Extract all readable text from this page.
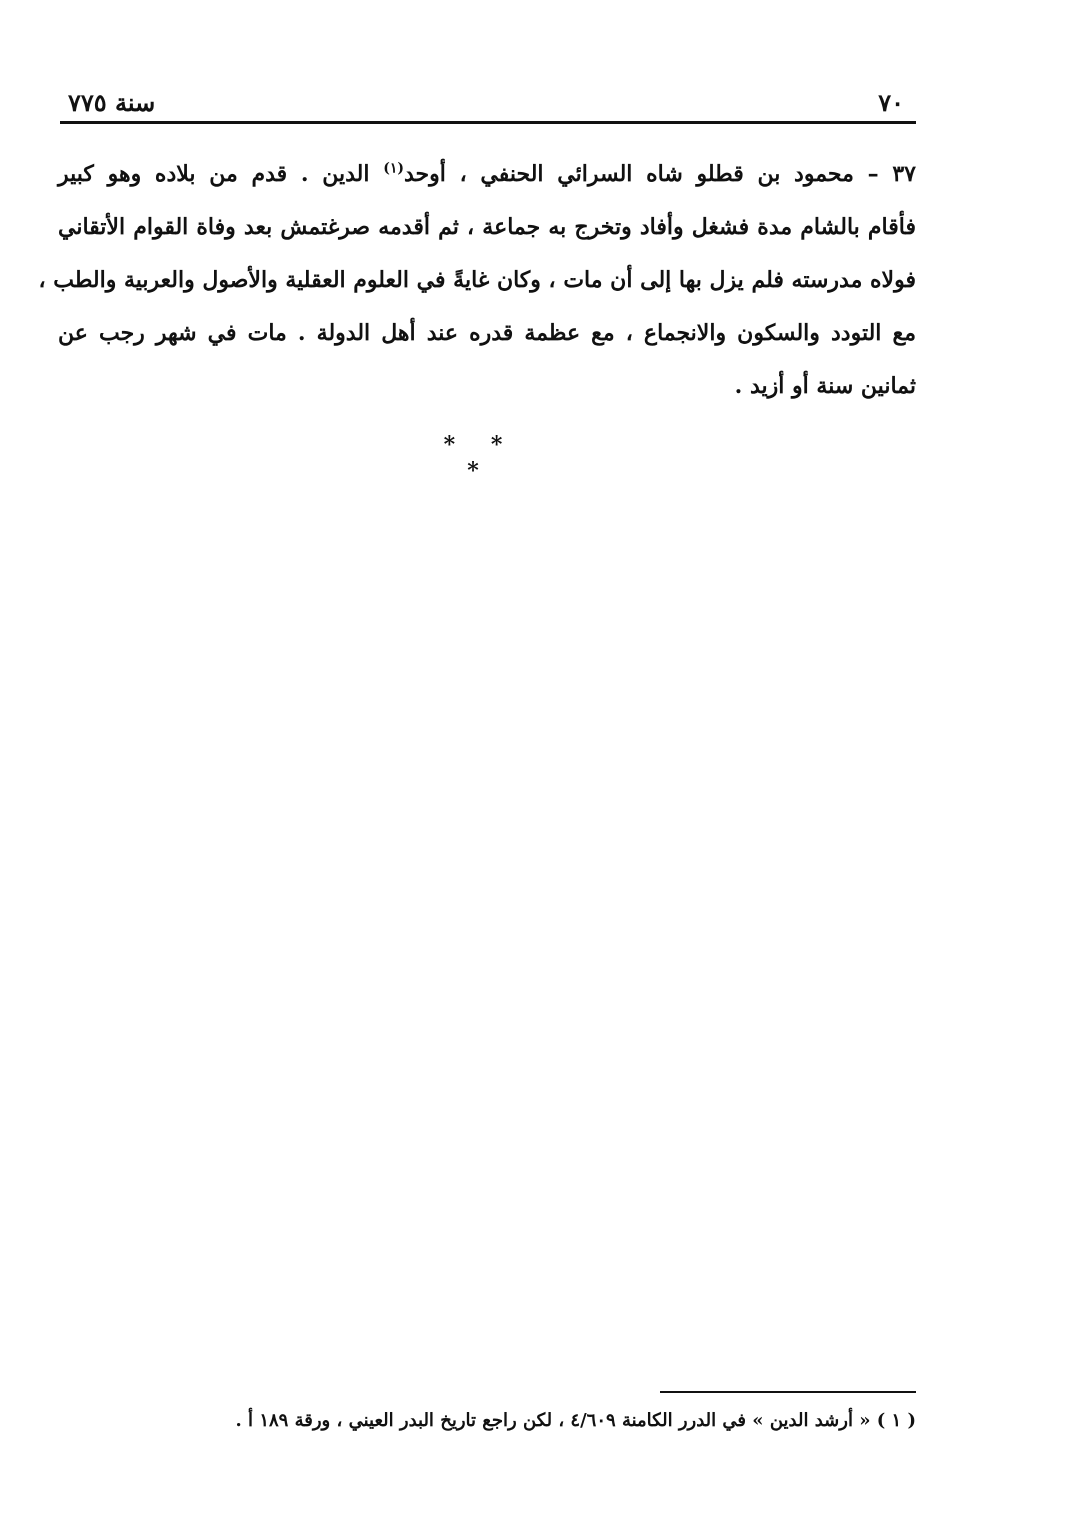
٧٠
سنة ٧٧٥
٣٧ – محمود بن قطلو شاه السرائي الحنفي ، أوحد$^{(١)}$ الدين . قدم من بلاده وهو كبير
فأقام بالشام مدة فشغل وأفاد وتخرج به جماعة ، ثم أقدمه صرغتمش بعد وفاة القوام الأتقاني
فولاه مدرسته فلم يزل بها إلى أن مات ، وكان غايةً في العلوم العقلية والأصول والعربية والطب ،
مع التودد والسكون والانجماع ، مع عظمة قدره عند أهل الدولة . مات في شهر رجب عن
ثمانين سنة أو أزيد .
* * *
( ١ ) « أرشد الدين » في الدرر الكامنة ٤/٦٠٩ ، لكن راجع تاريخ البدر العيني ، ورقة ١٨٩ أ .
